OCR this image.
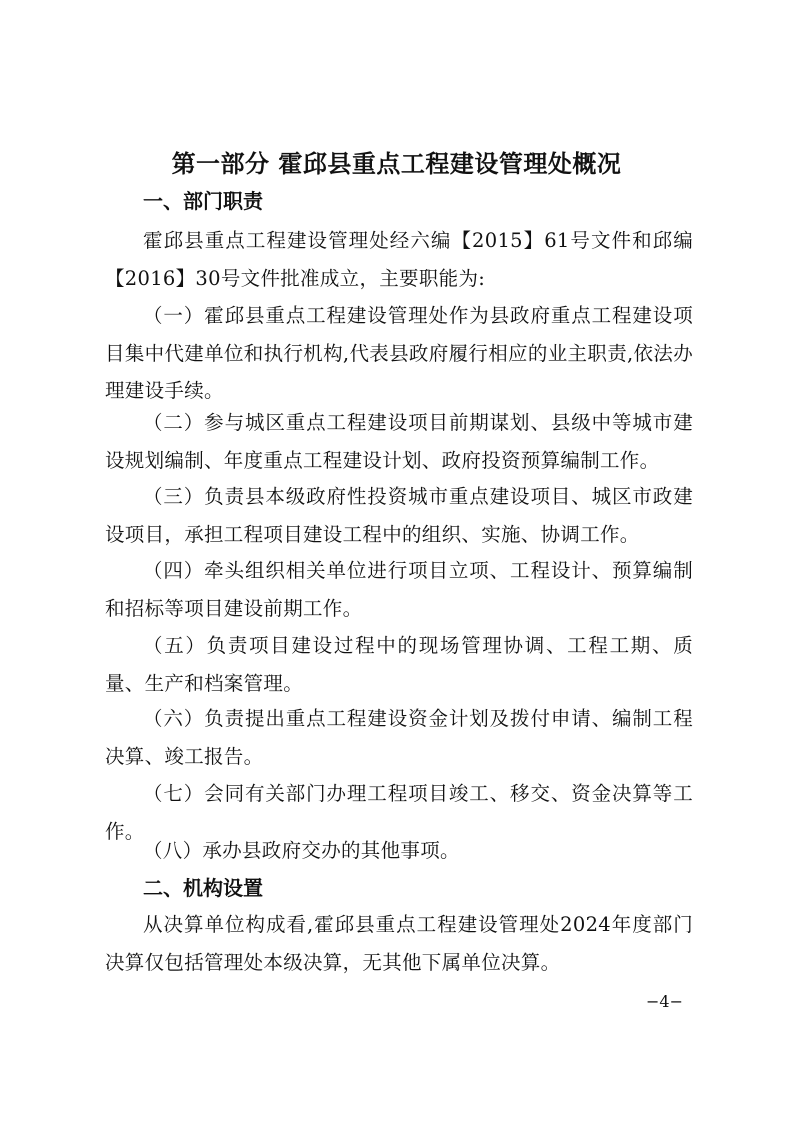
第一部分 霍邱县重点工程建设管理处概况
一、部门职责

霍邱县重点工程建设管理处经六编【2015】61号文件和邱编【2016】30号文件批准成立，主要职能为:

（一）霍邱县重点工程建设管理处作为县政府重点工程建设项目集中代建单位和执行机构,代表县政府履行相应的业主职责,依法办理建设手续。

（二）参与城区重点工程建设项目前期谋划、县级中等城市建设规划编制、年度重点工程建设计划、政府投资预算编制工作。

（三）负责县本级政府性投资城市重点建设项目、城区市政建设项目，承担工程项目建设工程中的组织、实施、协调工作。

（四）牵头组织相关单位进行项目立项、工程设计、预算编制和招标等项目建设前期工作。

（五）负责项目建设过程中的现场管理协调、工程工期、质量、生产和档案管理。

（六）负责提出重点工程建设资金计划及拨付申请、编制工程决算、竣工报告。

（七）会同有关部门办理工程项目竣工、移交、资金决算等工作。

（八）承办县政府交办的其他事项。

二、机构设置

从决算单位构成看,霍邱县重点工程建设管理处2024年度部门决算仅包括管理处本级决算，无其他下属单位决算。

−4−
